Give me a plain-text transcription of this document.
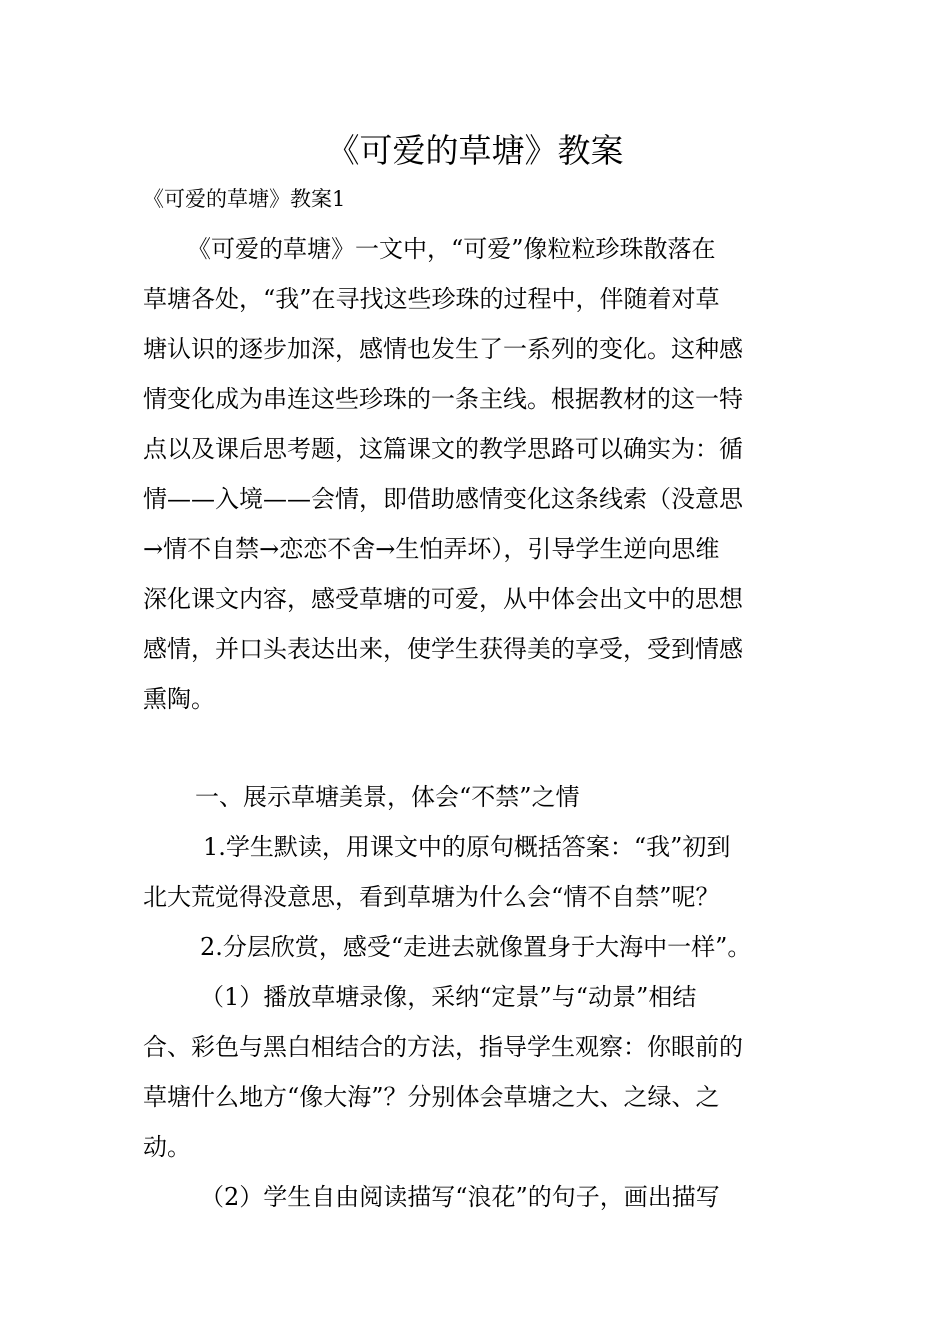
《可爱的草塘》教案

《可爱的草塘》教案1

《可爱的草塘》一文中，“可爱”像粒粒珍珠散落在

草塘各处，“我”在寻找这些珍珠的过程中，伴随着对草

塘认识的逐步加深，感情也发生了一系列的变化。这种感

情变化成为串连这些珍珠的一条主线。根据教材的这一特

点以及课后思考题，这篇课文的教学思路可以确实为：循

情——入境——会情，即借助感情变化这条线索（没意思

→情不自禁→恋恋不舍→生怕弄坏），引导学生逆向思维

深化课文内容，感受草塘的可爱，从中体会出文中的思想

感情，并口头表达出来，使学生获得美的享受，受到情感

熏陶。

一、展示草塘美景，体会“不禁”之情

1.学生默读，用课文中的原句概括答案：“我”初到

北大荒觉得没意思，看到草塘为什么会“情不自禁”呢？

2.分层欣赏，感受“走进去就像置身于大海中一样”。

（1）播放草塘录像，采纳“定景”与“动景”相结

合、彩色与黑白相结合的方法，指导学生观察：你眼前的

草塘什么地方“像大海”？分别体会草塘之大、之绿、之

动。

（2）学生自由阅读描写“浪花”的句子，画出描写
